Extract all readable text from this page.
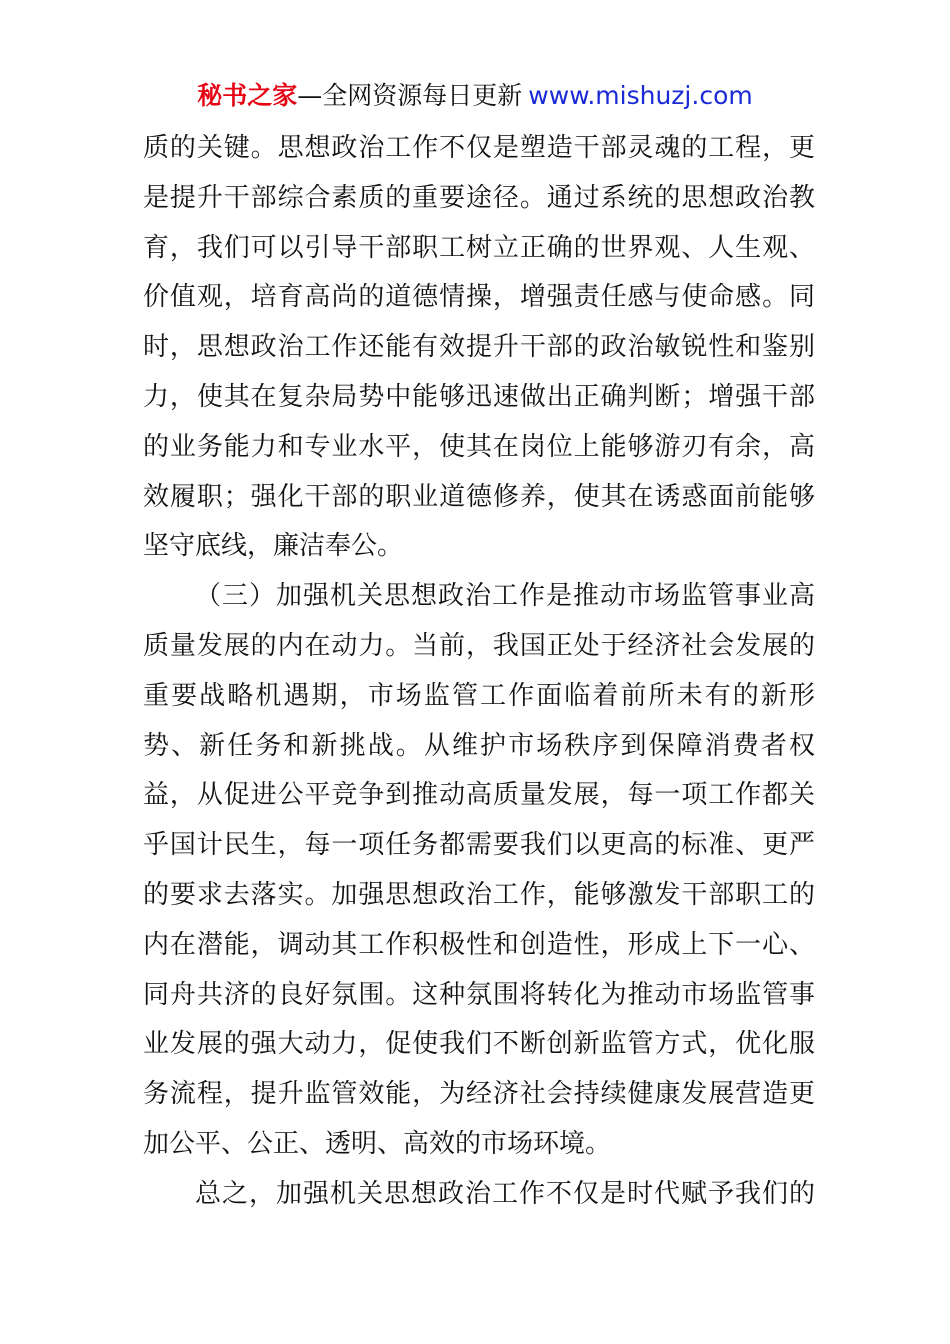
秘书之家—全网资源每日更新 www.mishuzj.com
质的关键。思想政治工作不仅是塑造干部灵魂的工程，更
是提升干部综合素质的重要途径。通过系统的思想政治教
育，我们可以引导干部职工树立正确的世界观、人生观、
价值观，培育高尚的道德情操，增强责任感与使命感。同
时，思想政治工作还能有效提升干部的政治敏锐性和鉴别
力，使其在复杂局势中能够迅速做出正确判断；增强干部
的业务能力和专业水平，使其在岗位上能够游刃有余，高
效履职；强化干部的职业道德修养，使其在诱惑面前能够
坚守底线，廉洁奉公。
（三）加强机关思想政治工作是推动市场监管事业高
质量发展的内在动力。当前，我国正处于经济社会发展的
重要战略机遇期，市场监管工作面临着前所未有的新形
势、新任务和新挑战。从维护市场秩序到保障消费者权
益，从促进公平竞争到推动高质量发展，每一项工作都关
乎国计民生，每一项任务都需要我们以更高的标准、更严
的要求去落实。加强思想政治工作，能够激发干部职工的
内在潜能，调动其工作积极性和创造性，形成上下一心、
同舟共济的良好氛围。这种氛围将转化为推动市场监管事
业发展的强大动力，促使我们不断创新监管方式，优化服
务流程，提升监管效能，为经济社会持续健康发展营造更
加公平、公正、透明、高效的市场环境。
总之，加强机关思想政治工作不仅是时代赋予我们的
